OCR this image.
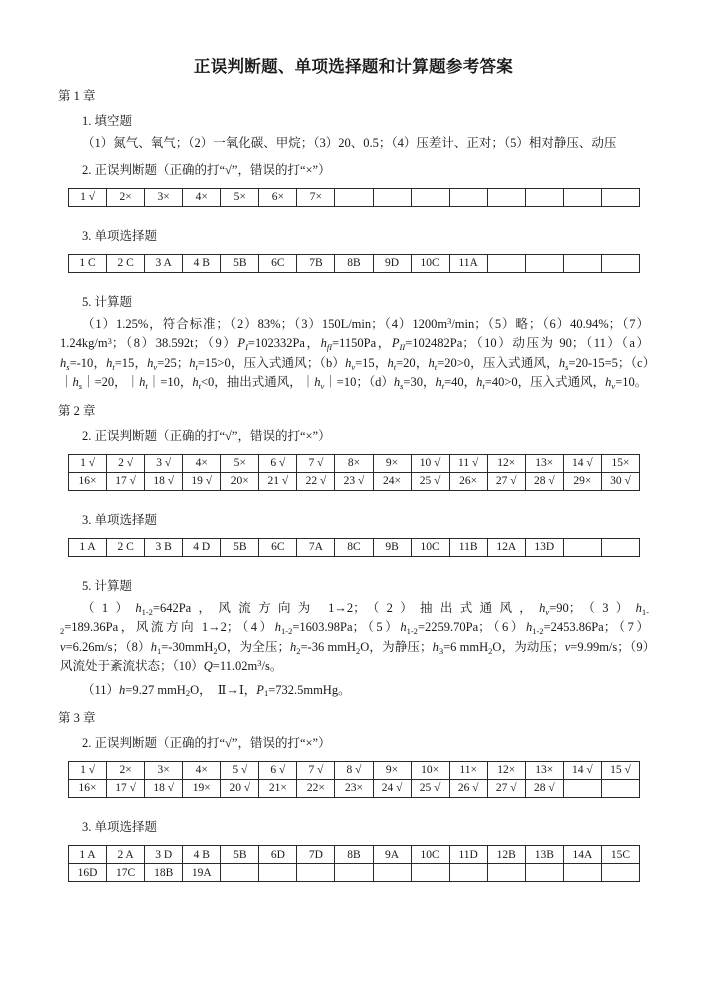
正误判断题、单项选择题和计算题参考答案
第 1 章
1. 填空题
（1）氮气、氧气；（2）一氧化碳、甲烷；（3）20、0.5；（4）压差计、正对；（5）相对静压、动压
2. 正误判断题（正确的打“√”，错误的打“×”）
1 √	2×	3×	4×	5×	6×	7×								
3. 单项选择题
1 C	2 C	3 A	4 B	5B	6C	7B	8B	9D	10C	11A				
5. 计算题
（1）1.25%，符合标准；（2）83%；（3）150L/min；$(4)1200m^3/\min$；（5）略；（6）40.94%；$(7)1.24kg/m^3$；（8）38.592t；$(9)P_I=102332Pa$，$h_{fI}=1150Pa$，$P_{II}=102482Pa$；（10）动压为 90；$(11)(a)h_s=-10$，$h_t=15$，$h_v=25$；$h_t=15>0$，压入式通风；$(b)h_v=15$，$h_t=20$，$h_t=20>0$，压入式通风，$h_s=20-15=5$；$(c)|h_s|=20$，$|h_t|=10$，$h_t<0$，抽出式通风，$|h_v|=10$；$(d)h_s=30$，$h_t=40$，$h_t=40>0$，压入式通风，$h_v=10$。
第 2 章
2. 正误判断题（正确的打“√”，错误的打“×”）
1 √	2 √	3 √	4×	5×	6 √	7 √	8×	9×	10 √	11 √	12×	13×	14 √	15×
16×	17 √	18 √	19 √	20×	21 √	22 √	23 √	24×	25 √	26×	27 √	28 √	29×	30 √
3. 单项选择题
1 A	2 C	3 B	4 D	5B	6C	7A	8C	9B	10C	11B	12A	13D		
5. 计算题
$(1)h_{1-2}=642Pa$，风流方向为 1→2；（2）抽出式通风，$h_v=90$；$(3)h_{1-2}=189.36Pa$，风流方向 1→2；$(4)h_{1-2}=1603.98Pa$；$(5)h_{1-2}=2259.70Pa$；$(6)h_{1-2}=2453.86Pa$；（7）v=6.26m/s；$(8)h_1=-30mmH_2O$，为全压；$h_2=-36$ mmH$_2$O，为静压；$h_3=6$ mmH$_2$O，为动压；v=9.99m/s；（9）风流处于紊流状态；$(10)Q=11.02m^3/s$。
（11）h=9.27 mmH$_2$O，　Ⅱ→Ⅰ，$P_1=732.5mmHg$。
第 3 章
2. 正误判断题（正确的打“√”，错误的打“×”）
1 √	2×	3×	4×	5 √	6 √	7 √	8 √	9×	10×	11×	12×	13×	14 √	15 √
16×	17 √	18 √	19×	20 √	21×	22×	23×	24 √	25 √	26 √	27 √	28 √		
3. 单项选择题
1 A	2 A	3 D	4 B	5B	6D	7D	8B	9A	10C	11D	12B	13B	14A	15C
16D	17C	18B	19A											
